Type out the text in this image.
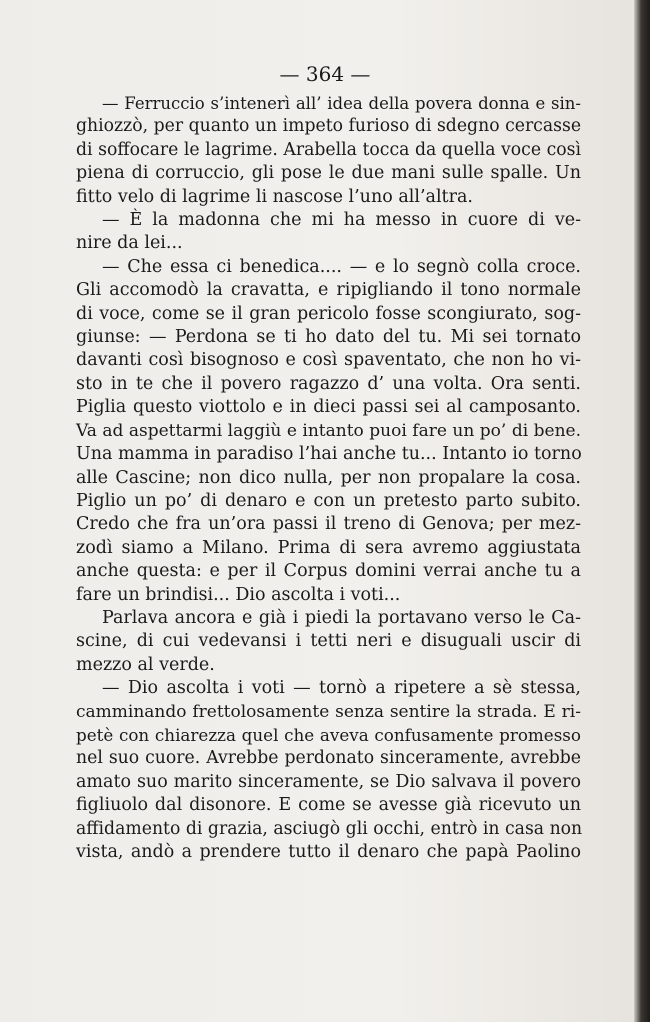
— 364 —
— Ferruccio s’intenerì all’ idea della povera donna e sin-
ghiozzò, per quanto un impeto furioso di sdegno cercasse
di soffocare le lagrime. Arabella tocca da quella voce così
piena di corruccio, gli pose le due mani sulle spalle. Un
fitto velo di lagrime li nascose l’uno all’altra.
— È la madonna che mi ha messo in cuore di ve-
nire da lei...
— Che essa ci benedica.... — e lo segnò colla croce.
Gli accomodò la cravatta, e ripigliando il tono normale
di voce, come se il gran pericolo fosse scongiurato, sog-
giunse: — Perdona se ti ho dato del tu. Mi sei tornato
davanti così bisognoso e così spaventato, che non ho vi-
sto in te che il povero ragazzo d’ una volta. Ora senti.
Piglia questo viottolo e in dieci passi sei al camposanto.
Va ad aspettarmi laggiù e intanto puoi fare un po’ di bene.
Una mamma in paradiso l’hai anche tu... Intanto io torno
alle Cascine; non dico nulla, per non propalare la cosa.
Piglio un po’ di denaro e con un pretesto parto subito.
Credo che fra un’ora passi il treno di Genova; per mez-
zodì siamo a Milano. Prima di sera avremo aggiustata
anche questa: e per il Corpus domini verrai anche tu a
fare un brindisi... Dio ascolta i voti...
Parlava ancora e già i piedi la portavano verso le Ca-
scine, di cui vedevansi i tetti neri e disuguali uscir di
mezzo al verde.
— Dio ascolta i voti — tornò a ripetere a sè stessa,
camminando frettolosamente senza sentire la strada. E ri-
petè con chiarezza quel che aveva confusamente promesso
nel suo cuore. Avrebbe perdonato sinceramente, avrebbe
amato suo marito sinceramente, se Dio salvava il povero
figliuolo dal disonore. E come se avesse già ricevuto un
affidamento di grazia, asciugò gli occhi, entrò in casa non
vista, andò a prendere tutto il denaro che papà Paolino
